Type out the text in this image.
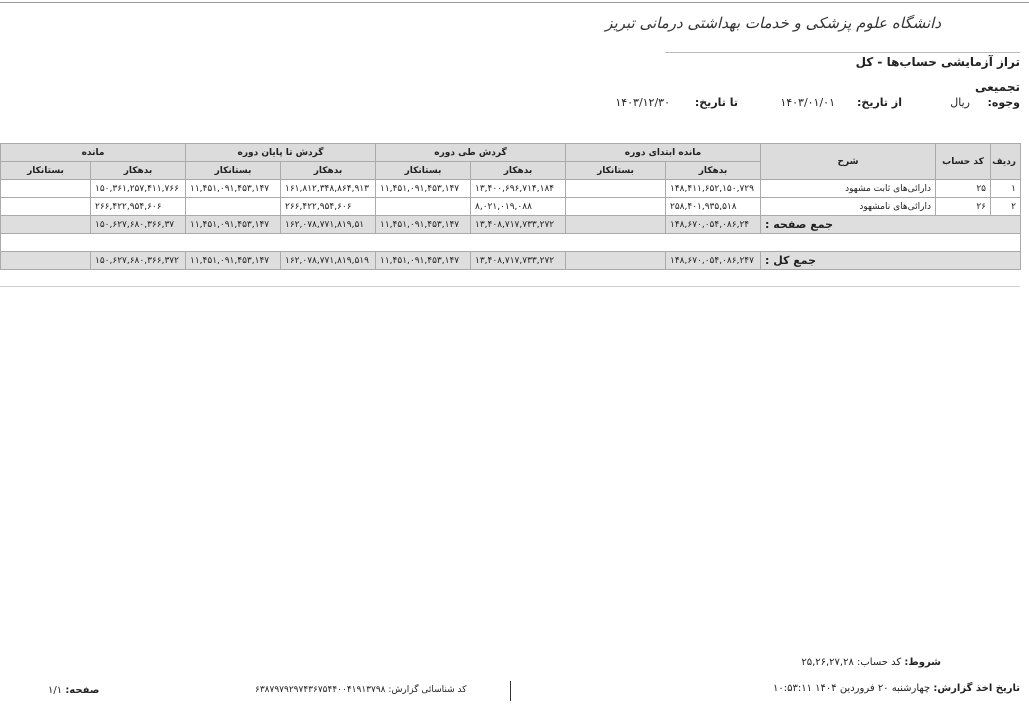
دانشگاه علوم پزشکی و خدمات بهداشتی درمانی تبریز
تراز آزمایشی حساب‌ها - کل
تجمیعی
وجوه:
ریال
از تاریخ:
۱۴۰۳/۰۱/۰۱
تا تاریخ:
۱۴۰۳/۱۲/۳۰
ردیف	کد حساب	شرح	مانده ابتدای دوره		گردش طی دوره		گردش تا پایان دوره		مانده	
			بدهکار	بستانکار	بدهکار	بستانکار	بدهکار	بستانکار	بدهکار	بستانکار
۱	۲۵	دارائی‌های ثابت مشهود	۱۴۸,۴۱۱,۶۵۲,۱۵۰,۷۲۹		۱۳,۴۰۰,۶۹۶,۷۱۴,۱۸۴	۱۱,۴۵۱,۰۹۱,۴۵۳,۱۴۷	۱۶۱,۸۱۲,۳۴۸,۸۶۴,۹۱۳	۱۱,۴۵۱,۰۹۱,۴۵۳,۱۴۷	۱۵۰,۳۶۱,۲۵۷,۴۱۱,۷۶۶	
۲	۲۶	دارائی‌های نامشهود	۲۵۸,۴۰۱,۹۳۵,۵۱۸		۸,۰۲۱,۰۱۹,۰۸۸		۲۶۶,۴۲۲,۹۵۴,۶۰۶		۲۶۶,۴۲۲,۹۵۴,۶۰۶	
جمع صفحه :			۱۴۸,۶۷۰,۰۵۴,۰۸۶,۲۴		۱۳,۴۰۸,۷۱۷,۷۳۳,۲۷۲	۱۱,۴۵۱,۰۹۱,۴۵۳,۱۴۷	۱۶۲,۰۷۸,۷۷۱,۸۱۹,۵۱	۱۱,۴۵۱,۰۹۱,۴۵۳,۱۴۷	۱۵۰,۶۲۷,۶۸۰,۳۶۶,۳۷	

جمع کل :			۱۴۸,۶۷۰,۰۵۴,۰۸۶,۲۴۷		۱۳,۴۰۸,۷۱۷,۷۳۳,۲۷۲	۱۱,۴۵۱,۰۹۱,۴۵۳,۱۴۷	۱۶۲,۰۷۸,۷۷۱,۸۱۹,۵۱۹	۱۱,۴۵۱,۰۹۱,۴۵۳,۱۴۷	۱۵۰,۶۲۷,۶۸۰,۳۶۶,۳۷۲	
شروط: کد حساب: ۲۵,۲۶,۲۷,۲۸
تاریخ اخذ گزارش: چهارشنبه ۲۰ فروردین ۱۴۰۴ ۱۰:۵۳:۱۱
کد شناسائی گزارش: ۶۳۸۷۹۷۹۲۹۷۴۳۶۷۵۴۴۰۰۴۱۹۱۳۷۹۸
صفحه: ۱/۱
